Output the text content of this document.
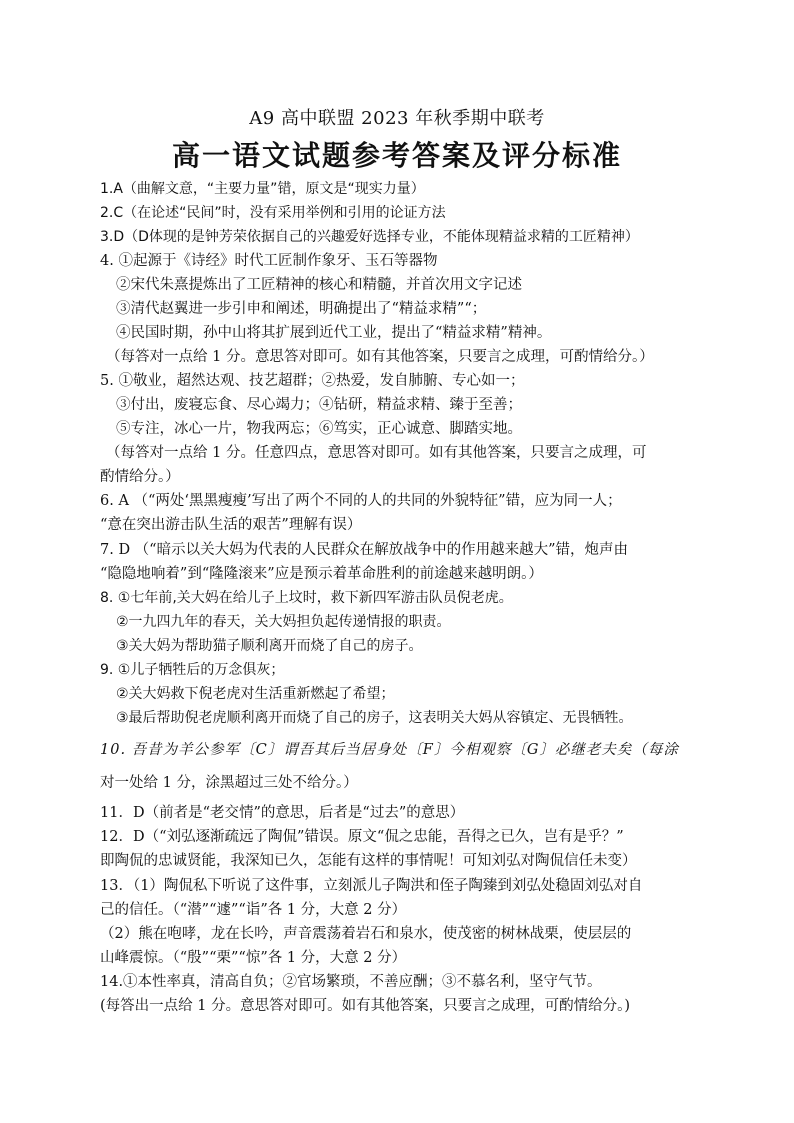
A9 高中联盟 2023 年秋季期中联考
高一语文试题参考答案及评分标准
1.A（曲解文意，“主要力量”错，原文是“现实力量）
2.C（在论述“民间”时，没有采用举例和引用的论证方法
3.D（D体现的是钟芳荣依据自己的兴趣爱好选择专业，不能体现精益求精的工匠精神）
4. ①起源于《诗经》时代工匠制作象牙、玉石等器物
②宋代朱熹提炼出了工匠精神的核心和精髓，并首次用文字记述
③清代赵翼进一步引申和阐述，明确提出了“精益求精”“；
④民国时期，孙中山将其扩展到近代工业，提出了“精益求精”精神。
（每答对一点给 1 分。意思答对即可。如有其他答案，只要言之成理，可酌情给分。）
5. ①敬业，超然达观、技艺超群；②热爱，发自肺腑、专心如一；
③付出，废寝忘食、尽心竭力；④钻研，精益求精、臻于至善；
⑤专注，冰心一片，物我两忘；⑥笃实，正心诚意、脚踏实地。
（每答对一点给 1 分。任意四点，意思答对即可。如有其他答案，只要言之成理，可
酌情给分。）
6. A （“两处‘黑黑瘦瘦’写出了两个不同的人的共同的外貌特征”错，应为同一人；
“意在突出游击队生活的艰苦”理解有误）
7. D （“暗示以关大妈为代表的人民群众在解放战争中的作用越来越大”错，炮声由
“隐隐地响着”到“隆隆滚来”应是预示着革命胜利的前途越来越明朗。）
8. ①七年前,关大妈在给儿子上坟时，救下新四军游击队员倪老虎。
②一九四九年的春天，关大妈担负起传递情报的职责。
③关大妈为帮助猫子顺利离开而烧了自己的房子。
9. ①儿子牺牲后的万念俱灰；
②关大妈救下倪老虎对生活重新燃起了希望；
③最后帮助倪老虎顺利离开而烧了自己的房子，这表明关大妈从容镇定、无畏牺牲。
10. 吾昔为羊公参军〔C〕谓吾其后当居身处〔F〕今相观察〔G〕必继老夫矣（每涂
对一处给 1 分，涂黑超过三处不给分。）
11．D（前者是“老交情”的意思，后者是“过去”的意思）
12．D（“刘弘逐渐疏远了陶侃”错误。原文“侃之忠能，吾得之已久，岂有是乎？”
即陶侃的忠诚贤能，我深知已久，怎能有这样的事情呢！可知刘弘对陶侃信任未变）
13．（1）陶侃私下听说了这件事，立刻派儿子陶洪和侄子陶臻到刘弘处稳固刘弘对自
己的信任。（“潜”“遽”“诣”各 1 分，大意 2 分）
（2）熊在咆哮，龙在长吟，声音震荡着岩石和泉水，使茂密的树林战栗，使层层的
山峰震惊。（“殷”“栗”“惊”各 1 分，大意 2 分）
14.①本性率真，清高自负；②官场繁琐，不善应酬；③不慕名利，坚守气节。
(每答出一点给 1 分。意思答对即可。如有其他答案，只要言之成理，可酌情给分。)
